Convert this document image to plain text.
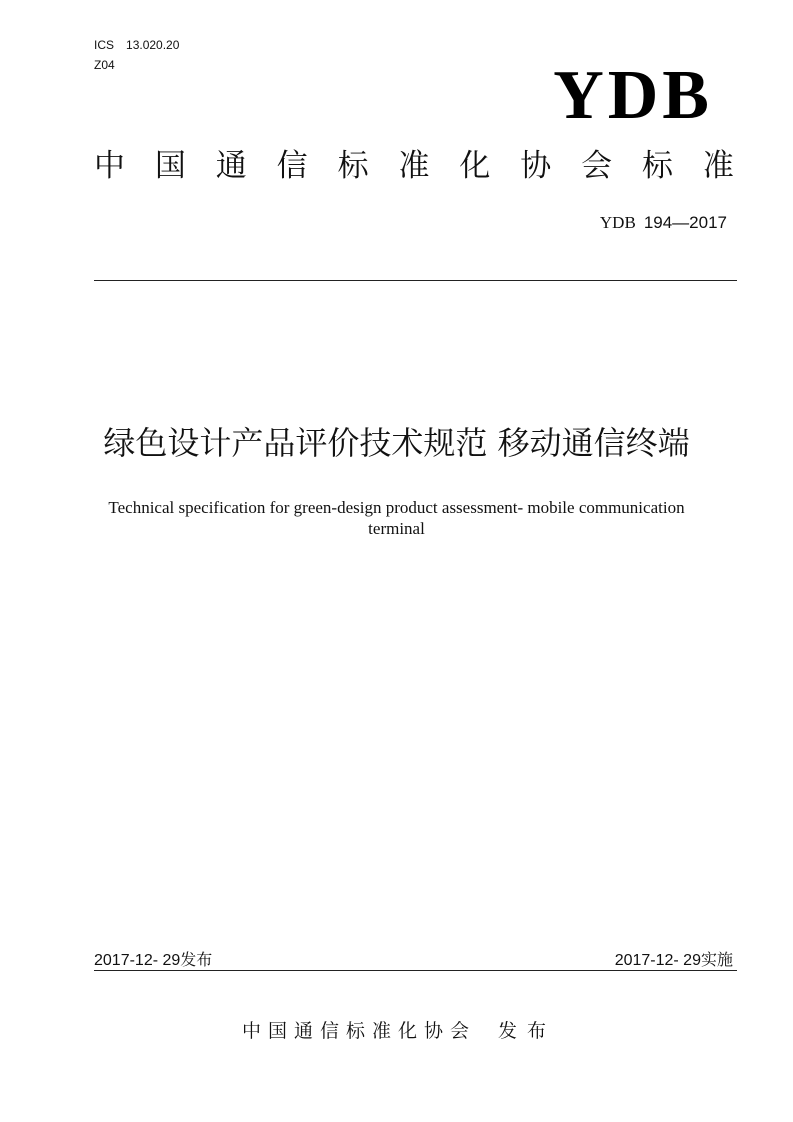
ICS 13.020.20
Z04	YDB
中 国 通 信 标 准 化 协 会 标 准
YDB 194—2017
绿色设计产品评价技术规范 移动通信终端
Technical specification for green-design product assessment- mobile communication
terminal
2017-12- 29发布	2017-12- 29实施
中国通信标准化协会 发布
